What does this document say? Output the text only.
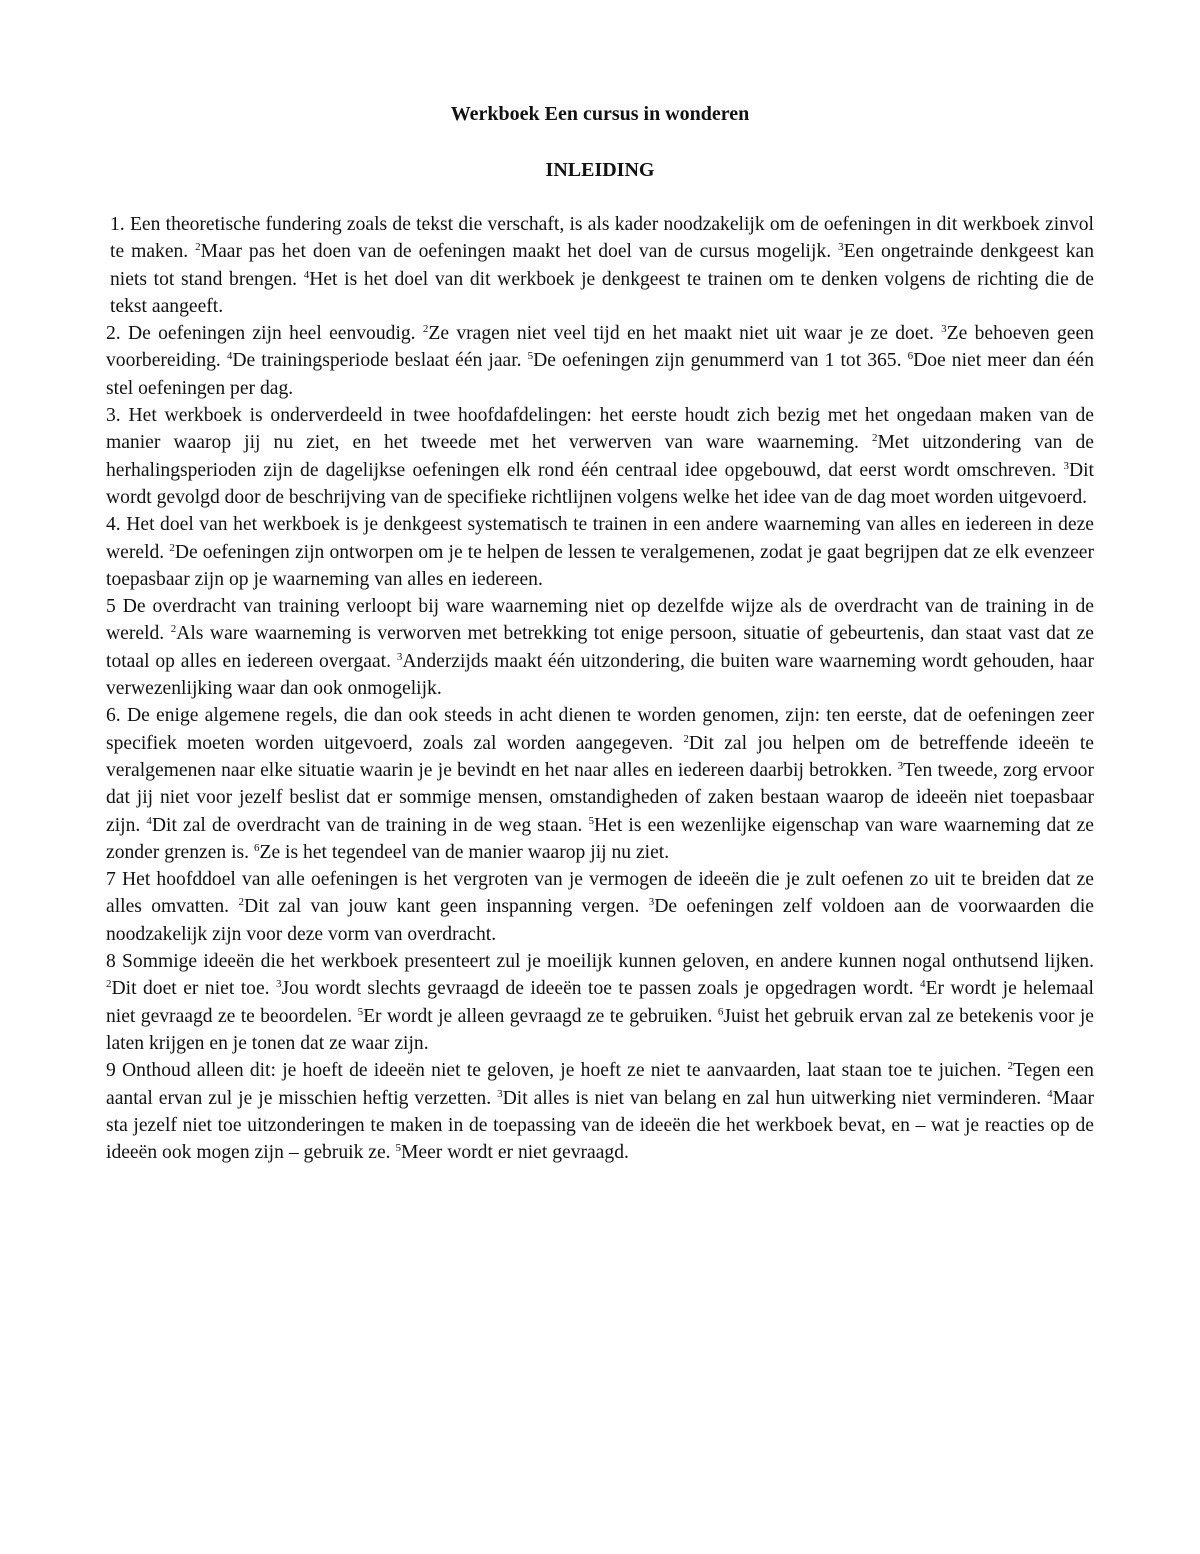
Werkboek Een cursus in wonderen
INLEIDING

1. Een theoretische fundering zoals de tekst die verschaft, is als kader noodzakelijk om de oefeningen in dit werkboek zinvol te maken. $^2$Maar pas het doen van de oefeningen maakt het doel van de cursus mogelijk. $^3$Een ongetrainde denkgeest kan niets tot stand brengen. $^4$Het is het doel van dit werkboek je denkgeest te trainen om te denken volgens de richting die de tekst aangeeft.

2. De oefeningen zijn heel eenvoudig. $^2$Ze vragen niet veel tijd en het maakt niet uit waar je ze doet. $^3$Ze behoeven geen voorbereiding. $^4$De trainingsperiode beslaat één jaar. $^5$De oefeningen zijn genummerd van 1 tot 365. $^6$Doe niet meer dan één stel oefeningen per dag.

3. Het werkboek is onderverdeeld in twee hoofdafdelingen: het eerste houdt zich bezig met het ongedaan maken van de manier waarop jij nu ziet, en het tweede met het verwerven van ware waarneming. $^2$Met uitzondering van de herhalingsperioden zijn de dagelijkse oefeningen elk rond één centraal idee opgebouwd, dat eerst wordt omschreven. $^3$Dit wordt gevolgd door de beschrijving van de specifieke richtlijnen volgens welke het idee van de dag moet worden uitgevoerd.

4. Het doel van het werkboek is je denkgeest systematisch te trainen in een andere waarneming van alles en iedereen in deze wereld. $^2$De oefeningen zijn ontworpen om je te helpen de lessen te veralgemenen, zodat je gaat begrijpen dat ze elk evenzeer toepasbaar zijn op je waarneming van alles en iedereen.

5 De overdracht van training verloopt bij ware waarneming niet op dezelfde wijze als de overdracht van de training in de wereld. $^2$Als ware waarneming is verworven met betrekking tot enige persoon, situatie of gebeurtenis, dan staat vast dat ze totaal op alles en iedereen overgaat. $^3$Anderzijds maakt één uitzondering, die buiten ware waarneming wordt gehouden, haar verwezenlijking waar dan ook onmogelijk.

6. De enige algemene regels, die dan ook steeds in acht dienen te worden genomen, zijn: ten eerste, dat de oefeningen zeer specifiek moeten worden uitgevoerd, zoals zal worden aangegeven. $^2$Dit zal jou helpen om de betreffende ideeën te veralgemenen naar elke situatie waarin je je bevindt en het naar alles en iedereen daarbij betrokken. $^3$Ten tweede, zorg ervoor dat jij niet voor jezelf beslist dat er sommige mensen, omstandigheden of zaken bestaan waarop de ideeën niet toepasbaar zijn. $^4$Dit zal de overdracht van de training in de weg staan. $^5$Het is een wezenlijke eigenschap van ware waarneming dat ze zonder grenzen is. $^6$Ze is het tegendeel van de manier waarop jij nu ziet.

7 Het hoofddoel van alle oefeningen is het vergroten van je vermogen de ideeën die je zult oefenen zo uit te breiden dat ze alles omvatten. $^2$Dit zal van jouw kant geen inspanning vergen. $^3$De oefeningen zelf voldoen aan de voorwaarden die noodzakelijk zijn voor deze vorm van overdracht.

8 Sommige ideeën die het werkboek presenteert zul je moeilijk kunnen geloven, en andere kunnen nogal onthutsend lijken. $^2$Dit doet er niet toe. $^3$Jou wordt slechts gevraagd de ideeën toe te passen zoals je opgedragen wordt. $^4$Er wordt je helemaal niet gevraagd ze te beoordelen. $^5$Er wordt je alleen gevraagd ze te gebruiken. $^6$Juist het gebruik ervan zal ze betekenis voor je laten krijgen en je tonen dat ze waar zijn.

9 Onthoud alleen dit: je hoeft de ideeën niet te geloven, je hoeft ze niet te aanvaarden, laat staan toe te juichen. $^2$Tegen een aantal ervan zul je je misschien heftig verzetten. $^3$Dit alles is niet van belang en zal hun uitwerking niet verminderen. $^4$Maar sta jezelf niet toe uitzonderingen te maken in de toepassing van de ideeën die het werkboek bevat, en – wat je reacties op de ideeën ook mogen zijn – gebruik ze. $^5$Meer wordt er niet gevraagd.
